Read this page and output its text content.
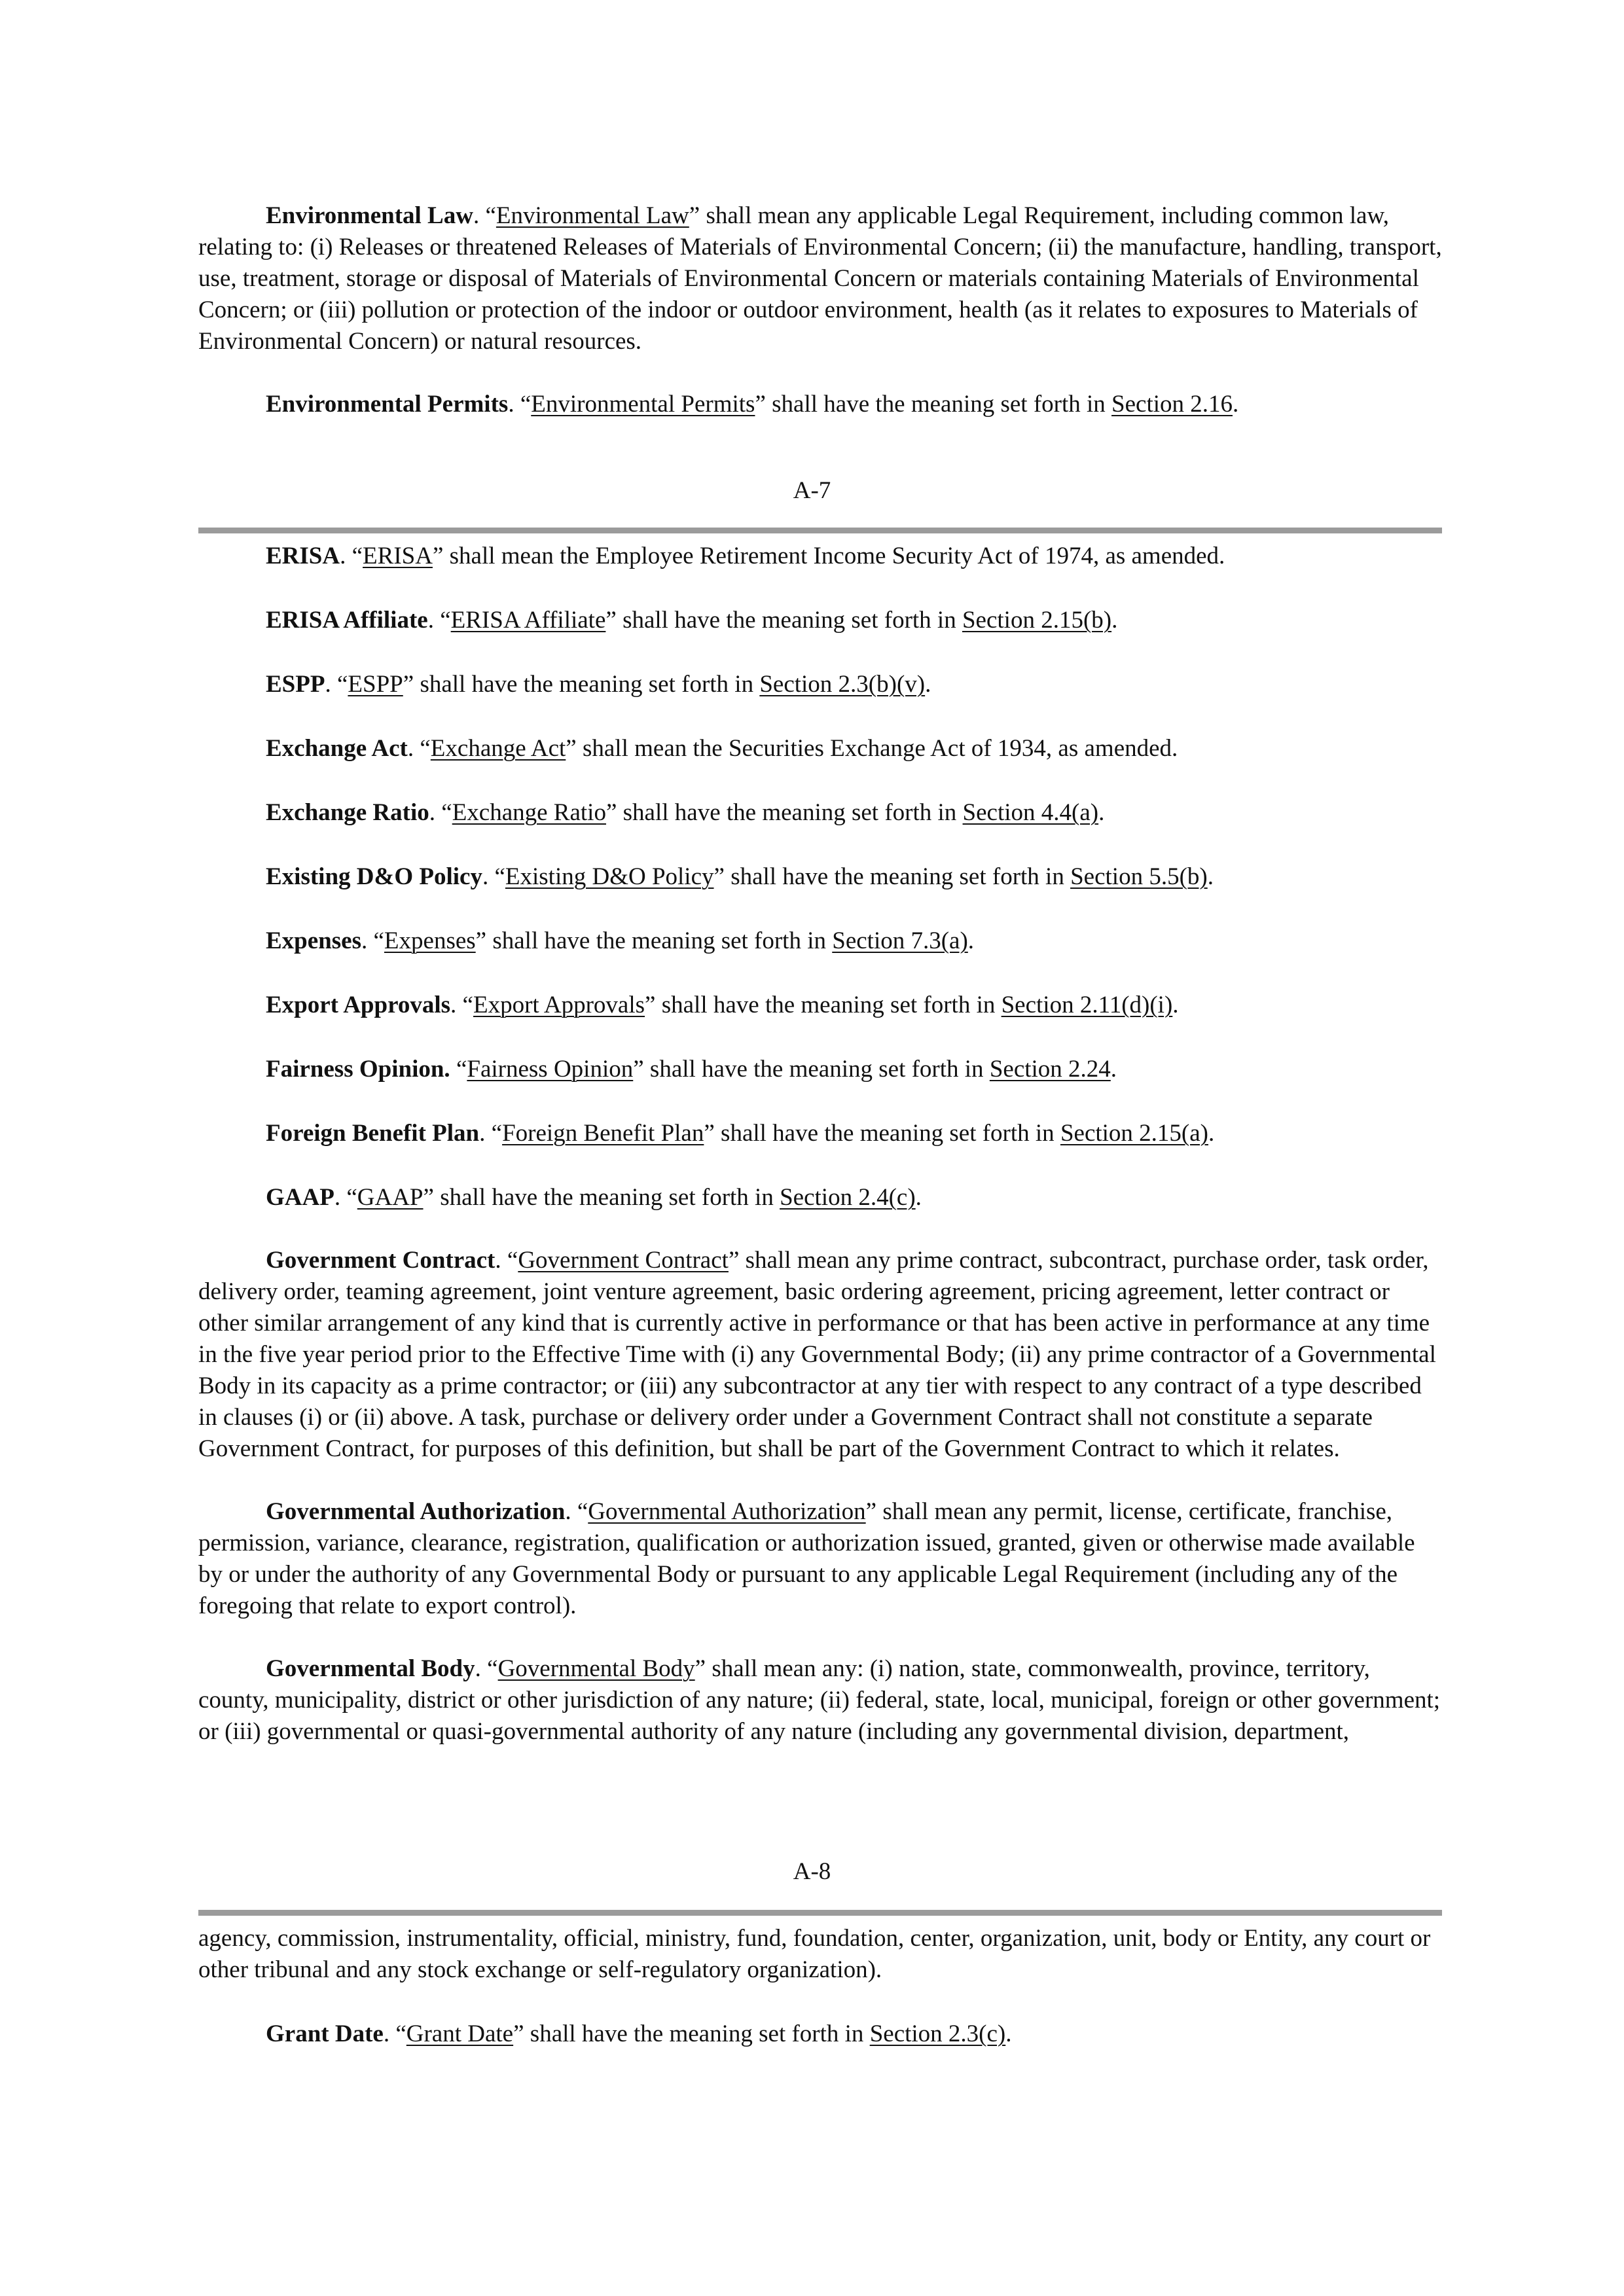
Environmental Law. “Environmental Law” shall mean any applicable Legal Requirement, including common law, relating to: (i) Releases or threatened Releases of Materials of Environmental Concern; (ii) the manufacture, handling, transport, use, treatment, storage or disposal of Materials of Environmental Concern or materials containing Materials of Environmental Concern; or (iii) pollution or protection of the indoor or outdoor environment, health (as it relates to exposures to Materials of Environmental Concern) or natural resources.

Environmental Permits. “Environmental Permits” shall have the meaning set forth in Section 2.16.

A-7

ERISA. “ERISA” shall mean the Employee Retirement Income Security Act of 1974, as amended.

ERISA Affiliate. “ERISA Affiliate” shall have the meaning set forth in Section 2.15(b).

ESPP. “ESPP” shall have the meaning set forth in Section 2.3(b)(v).

Exchange Act. “Exchange Act” shall mean the Securities Exchange Act of 1934, as amended.

Exchange Ratio. “Exchange Ratio” shall have the meaning set forth in Section 4.4(a).

Existing D&O Policy. “Existing D&O Policy” shall have the meaning set forth in Section 5.5(b).

Expenses. “Expenses” shall have the meaning set forth in Section 7.3(a).

Export Approvals. “Export Approvals” shall have the meaning set forth in Section 2.11(d)(i).

Fairness Opinion. “Fairness Opinion” shall have the meaning set forth in Section 2.24.

Foreign Benefit Plan. “Foreign Benefit Plan” shall have the meaning set forth in Section 2.15(a).

GAAP. “GAAP” shall have the meaning set forth in Section 2.4(c).

Government Contract. “Government Contract” shall mean any prime contract, subcontract, purchase order, task order, delivery order, teaming agreement, joint venture agreement, basic ordering agreement, pricing agreement, letter contract or other similar arrangement of any kind that is currently active in performance or that has been active in performance at any time in the five year period prior to the Effective Time with (i) any Governmental Body; (ii) any prime contractor of a Governmental Body in its capacity as a prime contractor; or (iii) any subcontractor at any tier with respect to any contract of a type described in clauses (i) or (ii) above. A task, purchase or delivery order under a Government Contract shall not constitute a separate Government Contract, for purposes of this definition, but shall be part of the Government Contract to which it relates.

Governmental Authorization. “Governmental Authorization” shall mean any permit, license, certificate, franchise, permission, variance, clearance, registration, qualification or authorization issued, granted, given or otherwise made available by or under the authority of any Governmental Body or pursuant to any applicable Legal Requirement (including any of the foregoing that relate to export control).

Governmental Body. “Governmental Body” shall mean any: (i) nation, state, commonwealth, province, territory, county, municipality, district or other jurisdiction of any nature; (ii) federal, state, local, municipal, foreign or other government; or (iii) governmental or quasi-governmental authority of any nature (including any governmental division, department,

A-8

agency, commission, instrumentality, official, ministry, fund, foundation, center, organization, unit, body or Entity, any court or other tribunal and any stock exchange or self-regulatory organization).

Grant Date. “Grant Date” shall have the meaning set forth in Section 2.3(c).
